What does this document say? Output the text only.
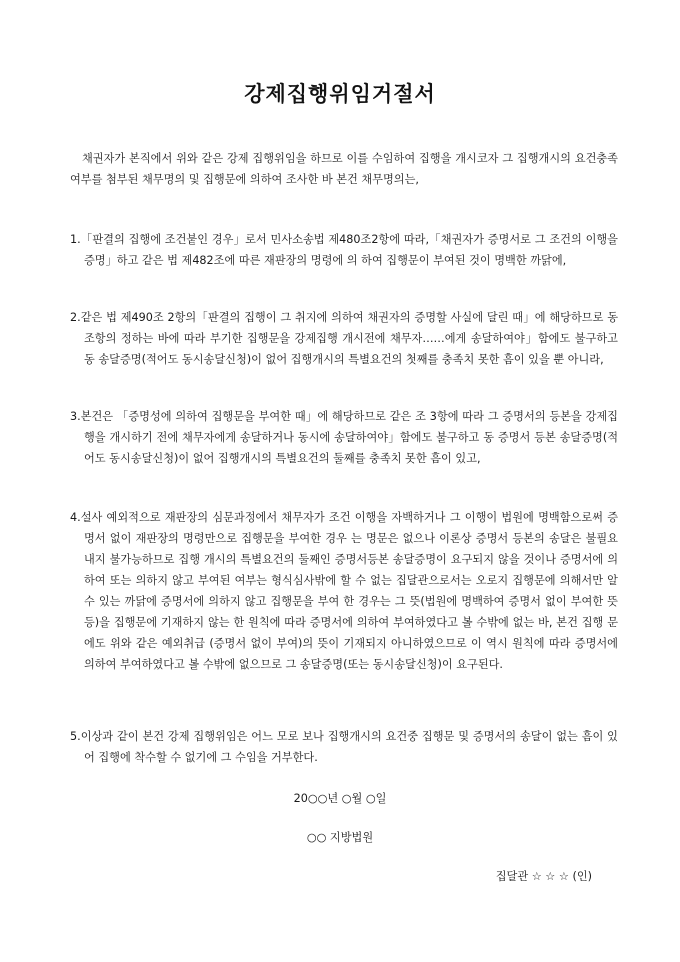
강제집행위임거절서
채권자가 본직에서 위와 같은 강제 집행위임을 하므로 이를 수임하여 집행을 개시코자 그 집행개시의 요건충족 여부를 첨부된 채무명의 및 집행문에 의하여 조사한 바 본건 채무명의는,
1.「판결의 집행에 조건붙인 경우」로서 민사소송법 제480조2항에 따라,「채권자가 증명서로 그 조건의 이행을 증명」하고 같은 법 제482조에 따른 재판장의 명령에 의 하여 집행문이 부여된 것이 명백한 까닭에,
2.같은 법 제490조 2항의「판결의 집행이 그 취지에 의하여 채권자의 증명할 사실에 달린 때」에 해당하므로 동 조항의 정하는 바에 따라 부기한 집행문을 강제집행 개시전에 채무자……에게 송달하여야」함에도 불구하고 동 송달증명(적어도 동시송달신청)이 없어 집행개시의 특별요건의 첫째를 충족치 못한 흠이 있을 뿐 아니라,
3.본건은 「증명성에 의하여 집행문을 부여한 때」에 해당하므로 같은 조 3항에 따라 그 증명서의 등본을 강제집행을 개시하기 전에 채무자에게 송달하거나 동시에 송달하여야」함에도 불구하고 동 증명서 등본 송달증명(적어도 동시송달신청)이 없어 집행개시의 특별요건의 둘째를 충족치 못한 흠이 있고,
4.설사 예외적으로 재판장의 심문과정에서 채무자가 조건 이행을 자백하거나 그 이행이 법원에 명백함으로써 증명서 없이 재판장의 명령만으로 집행문을 부여한 경우 는 명문은 없으나 이론상 증명서 등본의 송달은 불필요 내지 불가능하므로 집행 개시의 특별요건의 둘째인 증명서등본 송달증명이 요구되지 않을 것이나 증명서에 의하여 또는 의하지 않고 부여된 여부는 형식심사밖에 할 수 없는 집달관으로서는 오로지 집행문에 의해서만 알 수 있는 까닭에 증명서에 의하지 않고 집행문을 부여 한 경우는 그 뜻(법원에 명백하여 증명서 없이 부여한 뜻 등)을 집행문에 기재하지 않는 한 원칙에 따라 증명서에 의하여 부여하였다고 볼 수밖에 없는 바, 본건 집행 문에도 위와 같은 예외취급 (증명서 없이 부여)의 뜻이 기재되지 아니하였으므로 이 역시 원칙에 따라 증명서에 의하여 부여하였다고 볼 수밖에 없으므로 그 송달증명(또는 동시송달신청)이 요구된다.
5.이상과 같이 본건 강제 집행위임은 어느 모로 보나 집행개시의 요건중 집행문 및 증명서의 송달이 없는 흠이 있어 집행에 착수할 수 없기에 그 수임을 거부한다.
20○○년 ○월 ○일
○○ 지방법원
집달관 ☆ ☆ ☆ (인)
